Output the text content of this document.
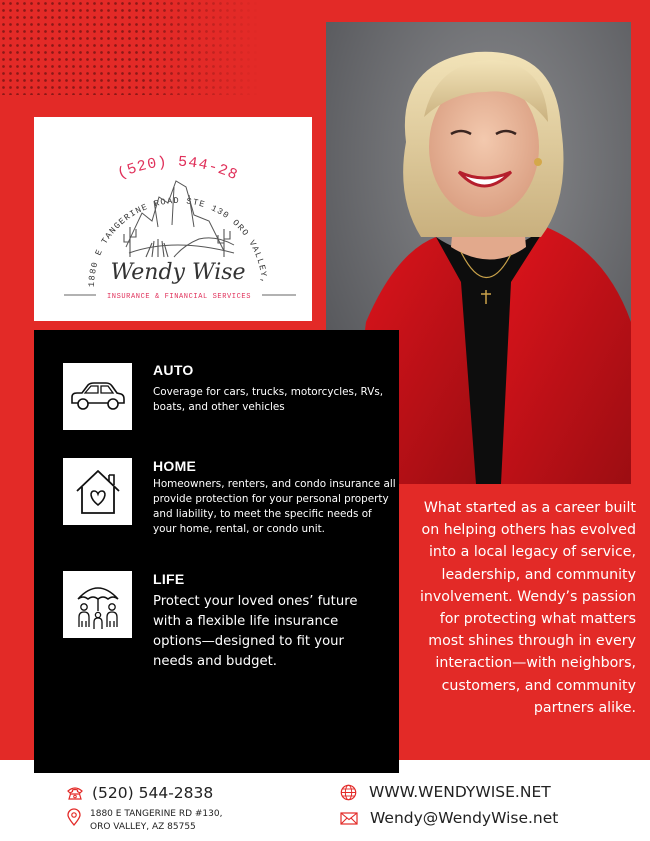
1880 E TANGERINE ROAD STE 130 ORO VALLEY,
(520) 544-28
Wendy Wise
INSURANCE & FINANCIAL SERVICES
AUTO
Coverage for cars, trucks, motorcycles, RVs, boats, and other vehicles
HOME
Homeowners, renters, and condo insurance all provide protection for your personal property and liability, to meet the specific needs of your home, rental, or condo unit.
LIFE
Protect your loved ones’ future with a flexible life insurance options—designed to fit your needs and budget.
What started as a career built on helping others has evolved into a local legacy of service, leadership, and community involvement. Wendy’s passion for protecting what matters most shines through in every interaction—with neighbors, customers, and community partners alike.
(520) 544-2838
1880 E TANGERINE RD #130,
ORO VALLEY, AZ 85755
WWW.WENDYWISE.NET
Wendy@WendyWise.net
